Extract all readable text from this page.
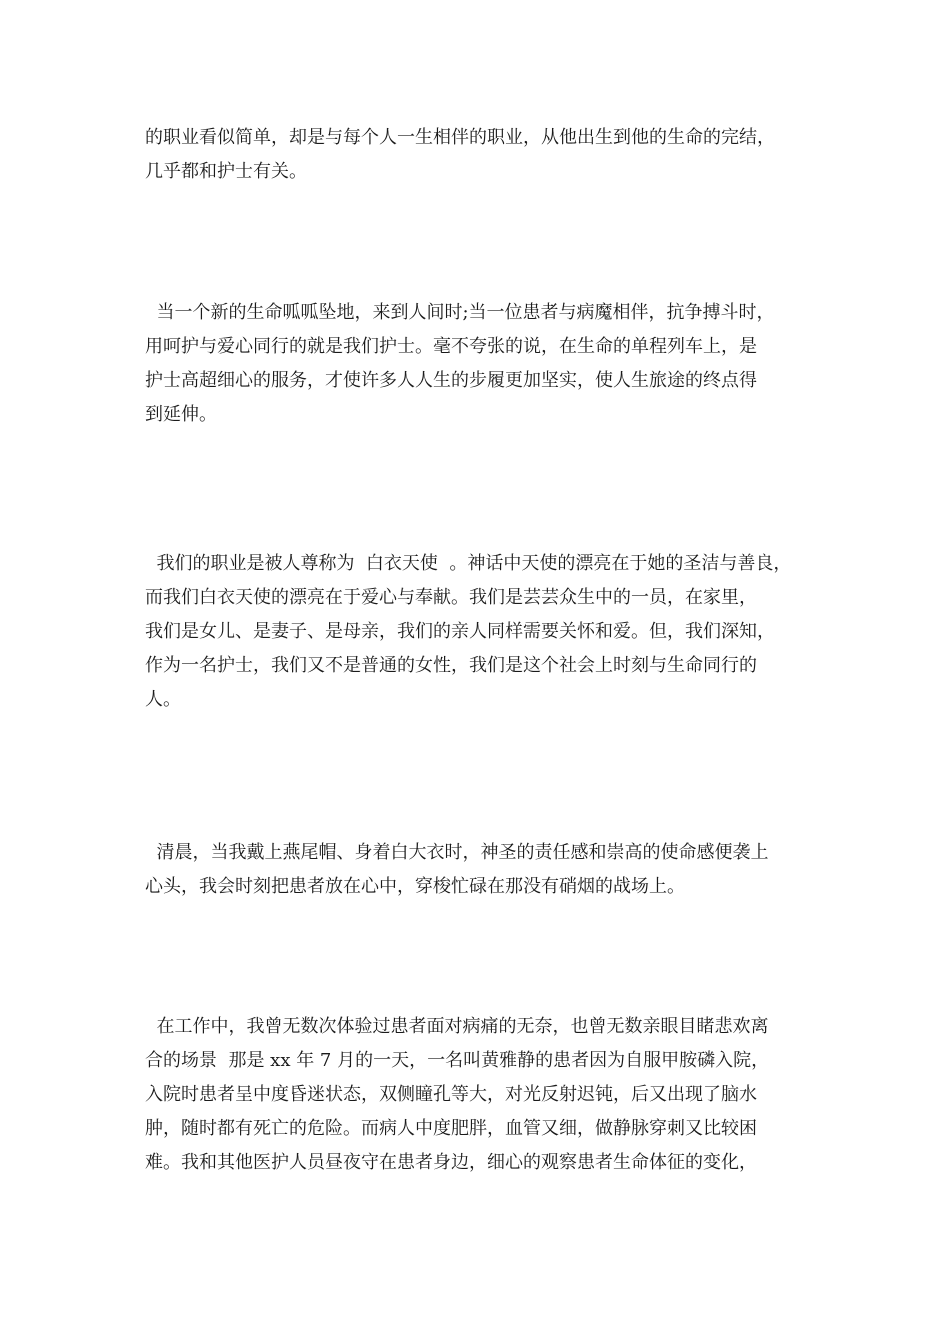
的职业看似简单，却是与每个人一生相伴的职业，从他出生到他的生命的完结，
几乎都和护士有关。
当一个新的生命呱呱坠地，来到人间时;当一位患者与病魔相伴，抗争搏斗时，
用呵护与爱心同行的就是我们护士。毫不夸张的说，在生命的单程列车上，是
护士高超细心的服务，才使许多人人生的步履更加坚实，使人生旅途的终点得
到延伸。
我们的职业是被人尊称为  白衣天使  。神话中天使的漂亮在于她的圣洁与善良，
而我们白衣天使的漂亮在于爱心与奉献。我们是芸芸众生中的一员，在家里，
我们是女儿、是妻子、是母亲，我们的亲人同样需要关怀和爱。但，我们深知，
作为一名护士，我们又不是普通的女性，我们是这个社会上时刻与生命同行的
人。
清晨，当我戴上燕尾帽、身着白大衣时，神圣的责任感和崇高的使命感便袭上
心头，我会时刻把患者放在心中，穿梭忙碌在那没有硝烟的战场上。
在工作中，我曾无数次体验过患者面对病痛的无奈，也曾无数亲眼目睹悲欢离
合的场景  那是 xx 年 7 月的一天，一名叫黄雅静的患者因为自服甲胺磷入院，
入院时患者呈中度昏迷状态，双侧瞳孔等大，对光反射迟钝，后又出现了脑水
肿，随时都有死亡的危险。而病人中度肥胖，血管又细，做静脉穿刺又比较困
难。我和其他医护人员昼夜守在患者身边，细心的观察患者生命体征的变化，
